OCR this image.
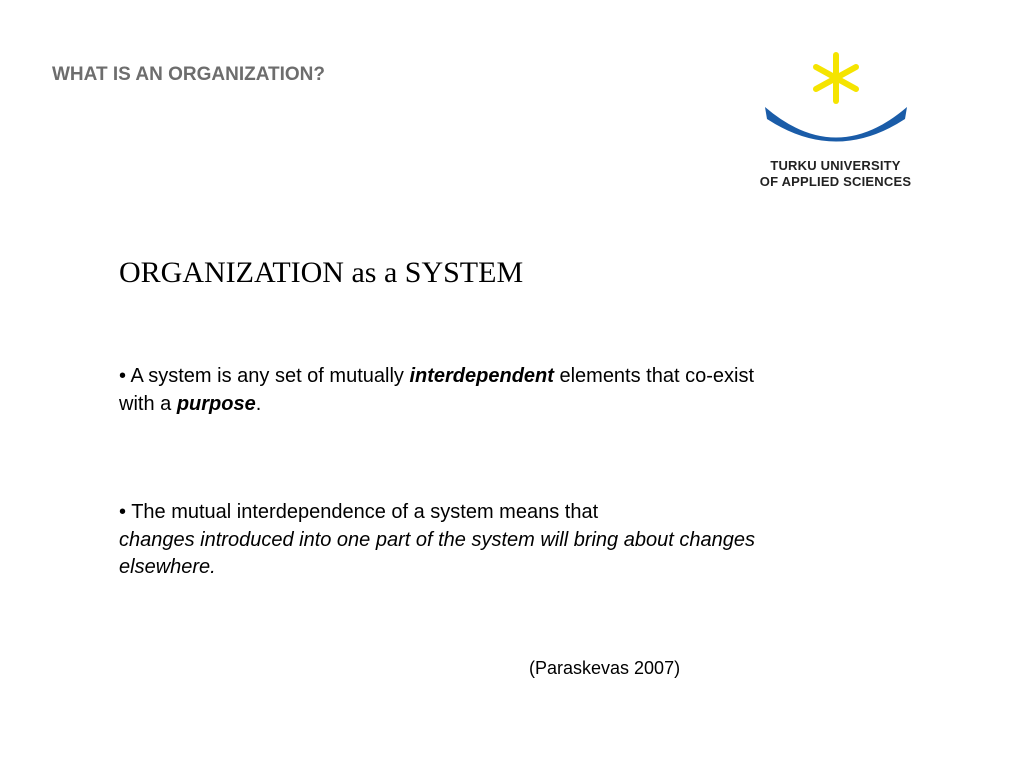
WHAT IS AN ORGANIZATION?
TURKU UNIVERSITY
OF APPLIED SCIENCES
ORGANIZATION as a SYSTEM
• A system is any set of mutually interdependent elements that co-exist with a purpose.
• The mutual interdependence of a system means that
changes introduced into one part of the system will bring about changes elsewhere.
(Paraskevas 2007)
